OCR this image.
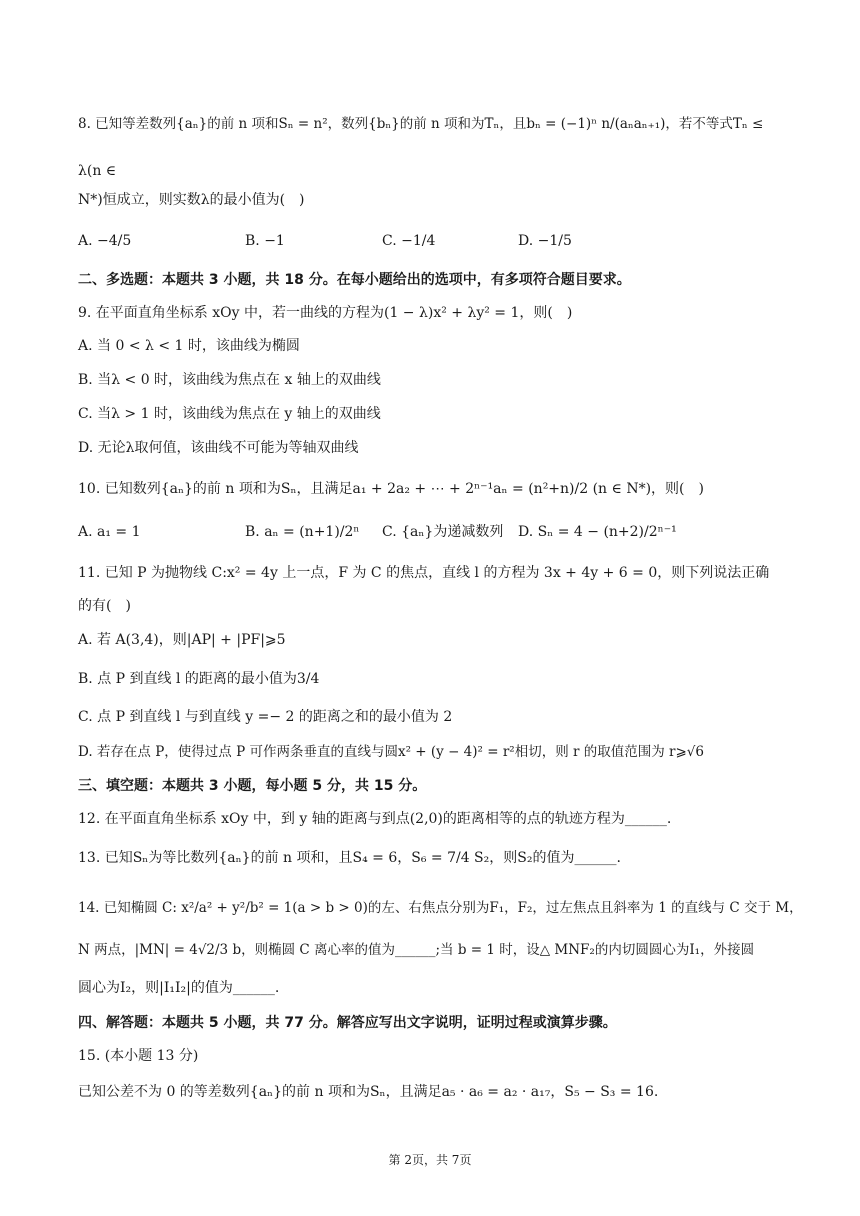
8. 已知等差数列{aₙ}的前 n 项和Sₙ = n²，数列{bₙ}的前 n 项和为Tₙ，且bₙ = (−1)ⁿ n/(aₙaₙ₊₁)，若不等式Tₙ ≤
λ(n ∈
N*)恒成立，则实数λ的最小值为(　)
A. −4/5	B. −1	C. −1/4	D. −1/5
二、多选题：本题共 3 小题，共 18 分。在每小题给出的选项中，有多项符合题目要求。
9. 在平面直角坐标系 xOy 中，若一曲线的方程为(1 − λ)x² + λy² = 1，则(　)
A. 当 0 < λ < 1 时，该曲线为椭圆
B. 当λ < 0 时，该曲线为焦点在 x 轴上的双曲线
C. 当λ > 1 时，该曲线为焦点在 y 轴上的双曲线
D. 无论λ取何值，该曲线不可能为等轴双曲线
10. 已知数列{aₙ}的前 n 项和为Sₙ，且满足a₁ + 2a₂ + ⋯ + 2ⁿ⁻¹aₙ = (n²+n)/2 (n ∈ N*)，则(　)
A. a₁ = 1	B. aₙ = (n+1)/2ⁿ C. {aₙ}为递减数列 D. Sₙ = 4 − (n+2)/2ⁿ⁻¹
11. 已知 P 为抛物线 C:x² = 4y 上一点，F 为 C 的焦点，直线 l 的方程为 3x + 4y + 6 = 0，则下列说法正确
的有(　)
A. 若 A(3,4)，则|AP| + |PF|⩾5
B. 点 P 到直线 l 的距离的最小值为3/4
C. 点 P 到直线 l 与到直线 y =− 2 的距离之和的最小值为 2
D. 若存在点 P，使得过点 P 可作两条垂直的直线与圆x² + (y − 4)² = r²相切，则 r 的取值范围为 r⩾√6
三、填空题：本题共 3 小题，每小题 5 分，共 15 分。
12. 在平面直角坐标系 xOy 中，到 y 轴的距离与到点(2,0)的距离相等的点的轨迹方程为______.
13. 已知Sₙ为等比数列{aₙ}的前 n 项和，且S₄ = 6，S₆ = 7/4 S₂，则S₂的值为______.
14. 已知椭圆 C: x²/a² + y²/b² = 1(a > b > 0)的左、右焦点分别为F₁，F₂，过左焦点且斜率为 1 的直线与 C 交于 M，
N 两点，|MN| = 4√2/3 b，则椭圆 C 离心率的值为______;当 b = 1 时，设△ MNF₂的内切圆圆心为I₁，外接圆
圆心为I₂，则|I₁I₂|的值为______.
四、解答题：本题共 5 小题，共 77 分。解答应写出文字说明，证明过程或演算步骤。
15. (本小题 13 分)
已知公差不为 0 的等差数列{aₙ}的前 n 项和为Sₙ，且满足a₅ · a₆ = a₂ · a₁₇，S₅ − S₃ = 16.
第 2页，共 7页
